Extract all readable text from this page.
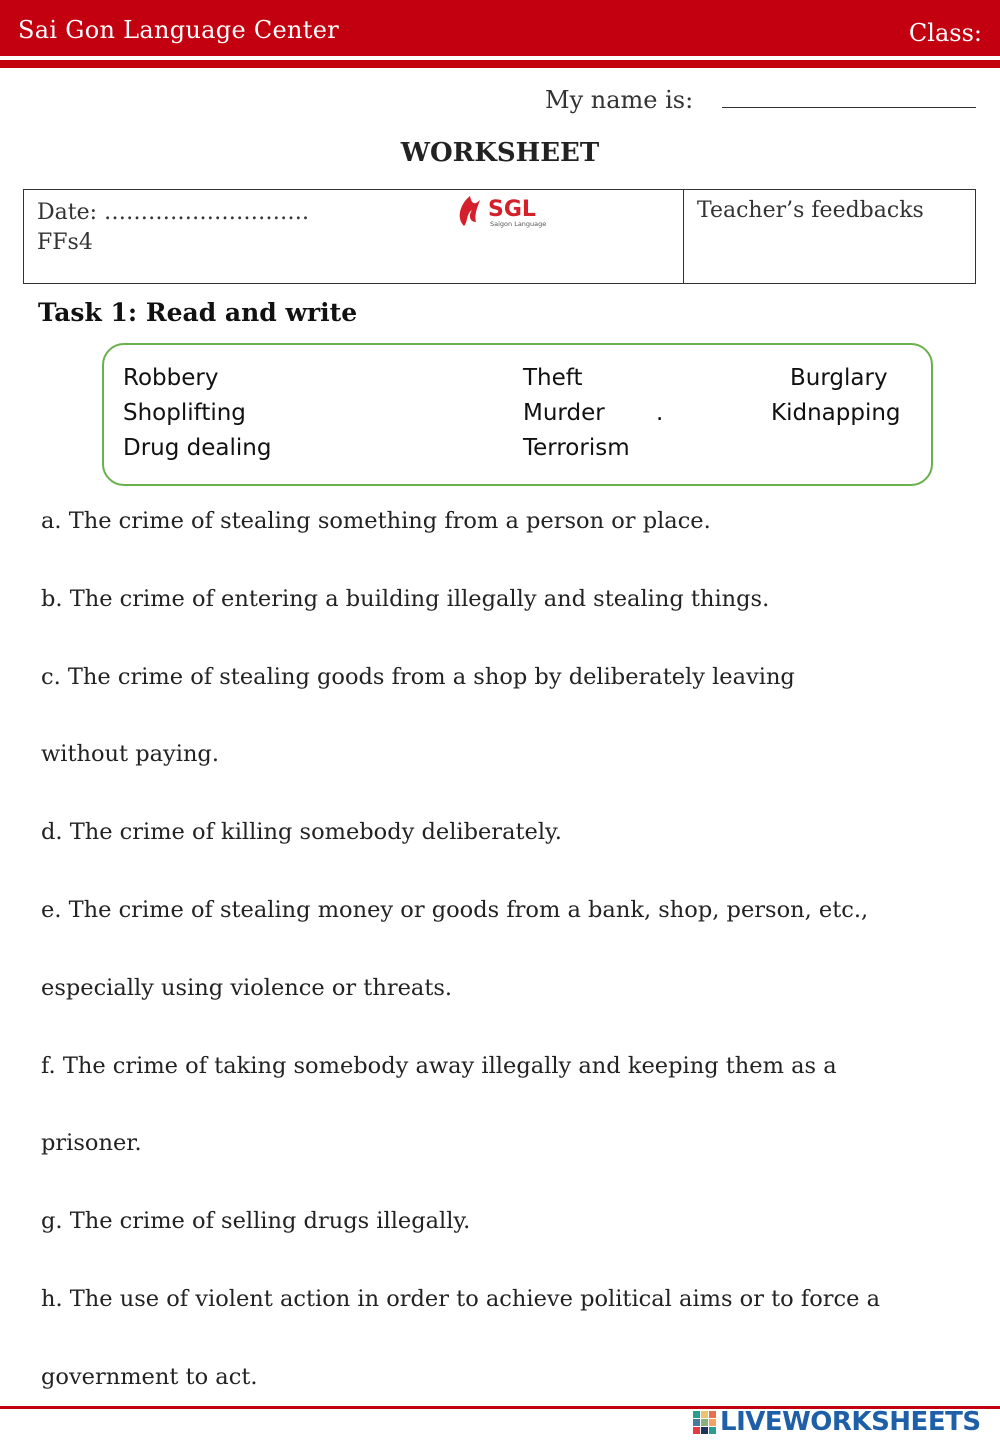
Sai Gon Language Center	Class:
My name is:
WORKSHEET
Date: ……………………….
FFs4
SGL
Saigon Language
Teacher’s feedbacks
Task 1: Read and write
Robbery	Theft	Burglary
Shoplifting	Murder .	Kidnapping
Drug dealing	Terrorism
a. The crime of stealing something from a person or place.
b. The crime of entering a building illegally and stealing things.
c. The crime of stealing goods from a shop by deliberately leaving
without paying.
d. The crime of killing somebody deliberately.
e. The crime of stealing money or goods from a bank, shop, person, etc.,
especially using violence or threats.
f. The crime of taking somebody away illegally and keeping them as a
prisoner.
g. The crime of selling drugs illegally.
h. The use of violent action in order to achieve political aims or to force a
government to act.
LIVEWORKSHEETS
